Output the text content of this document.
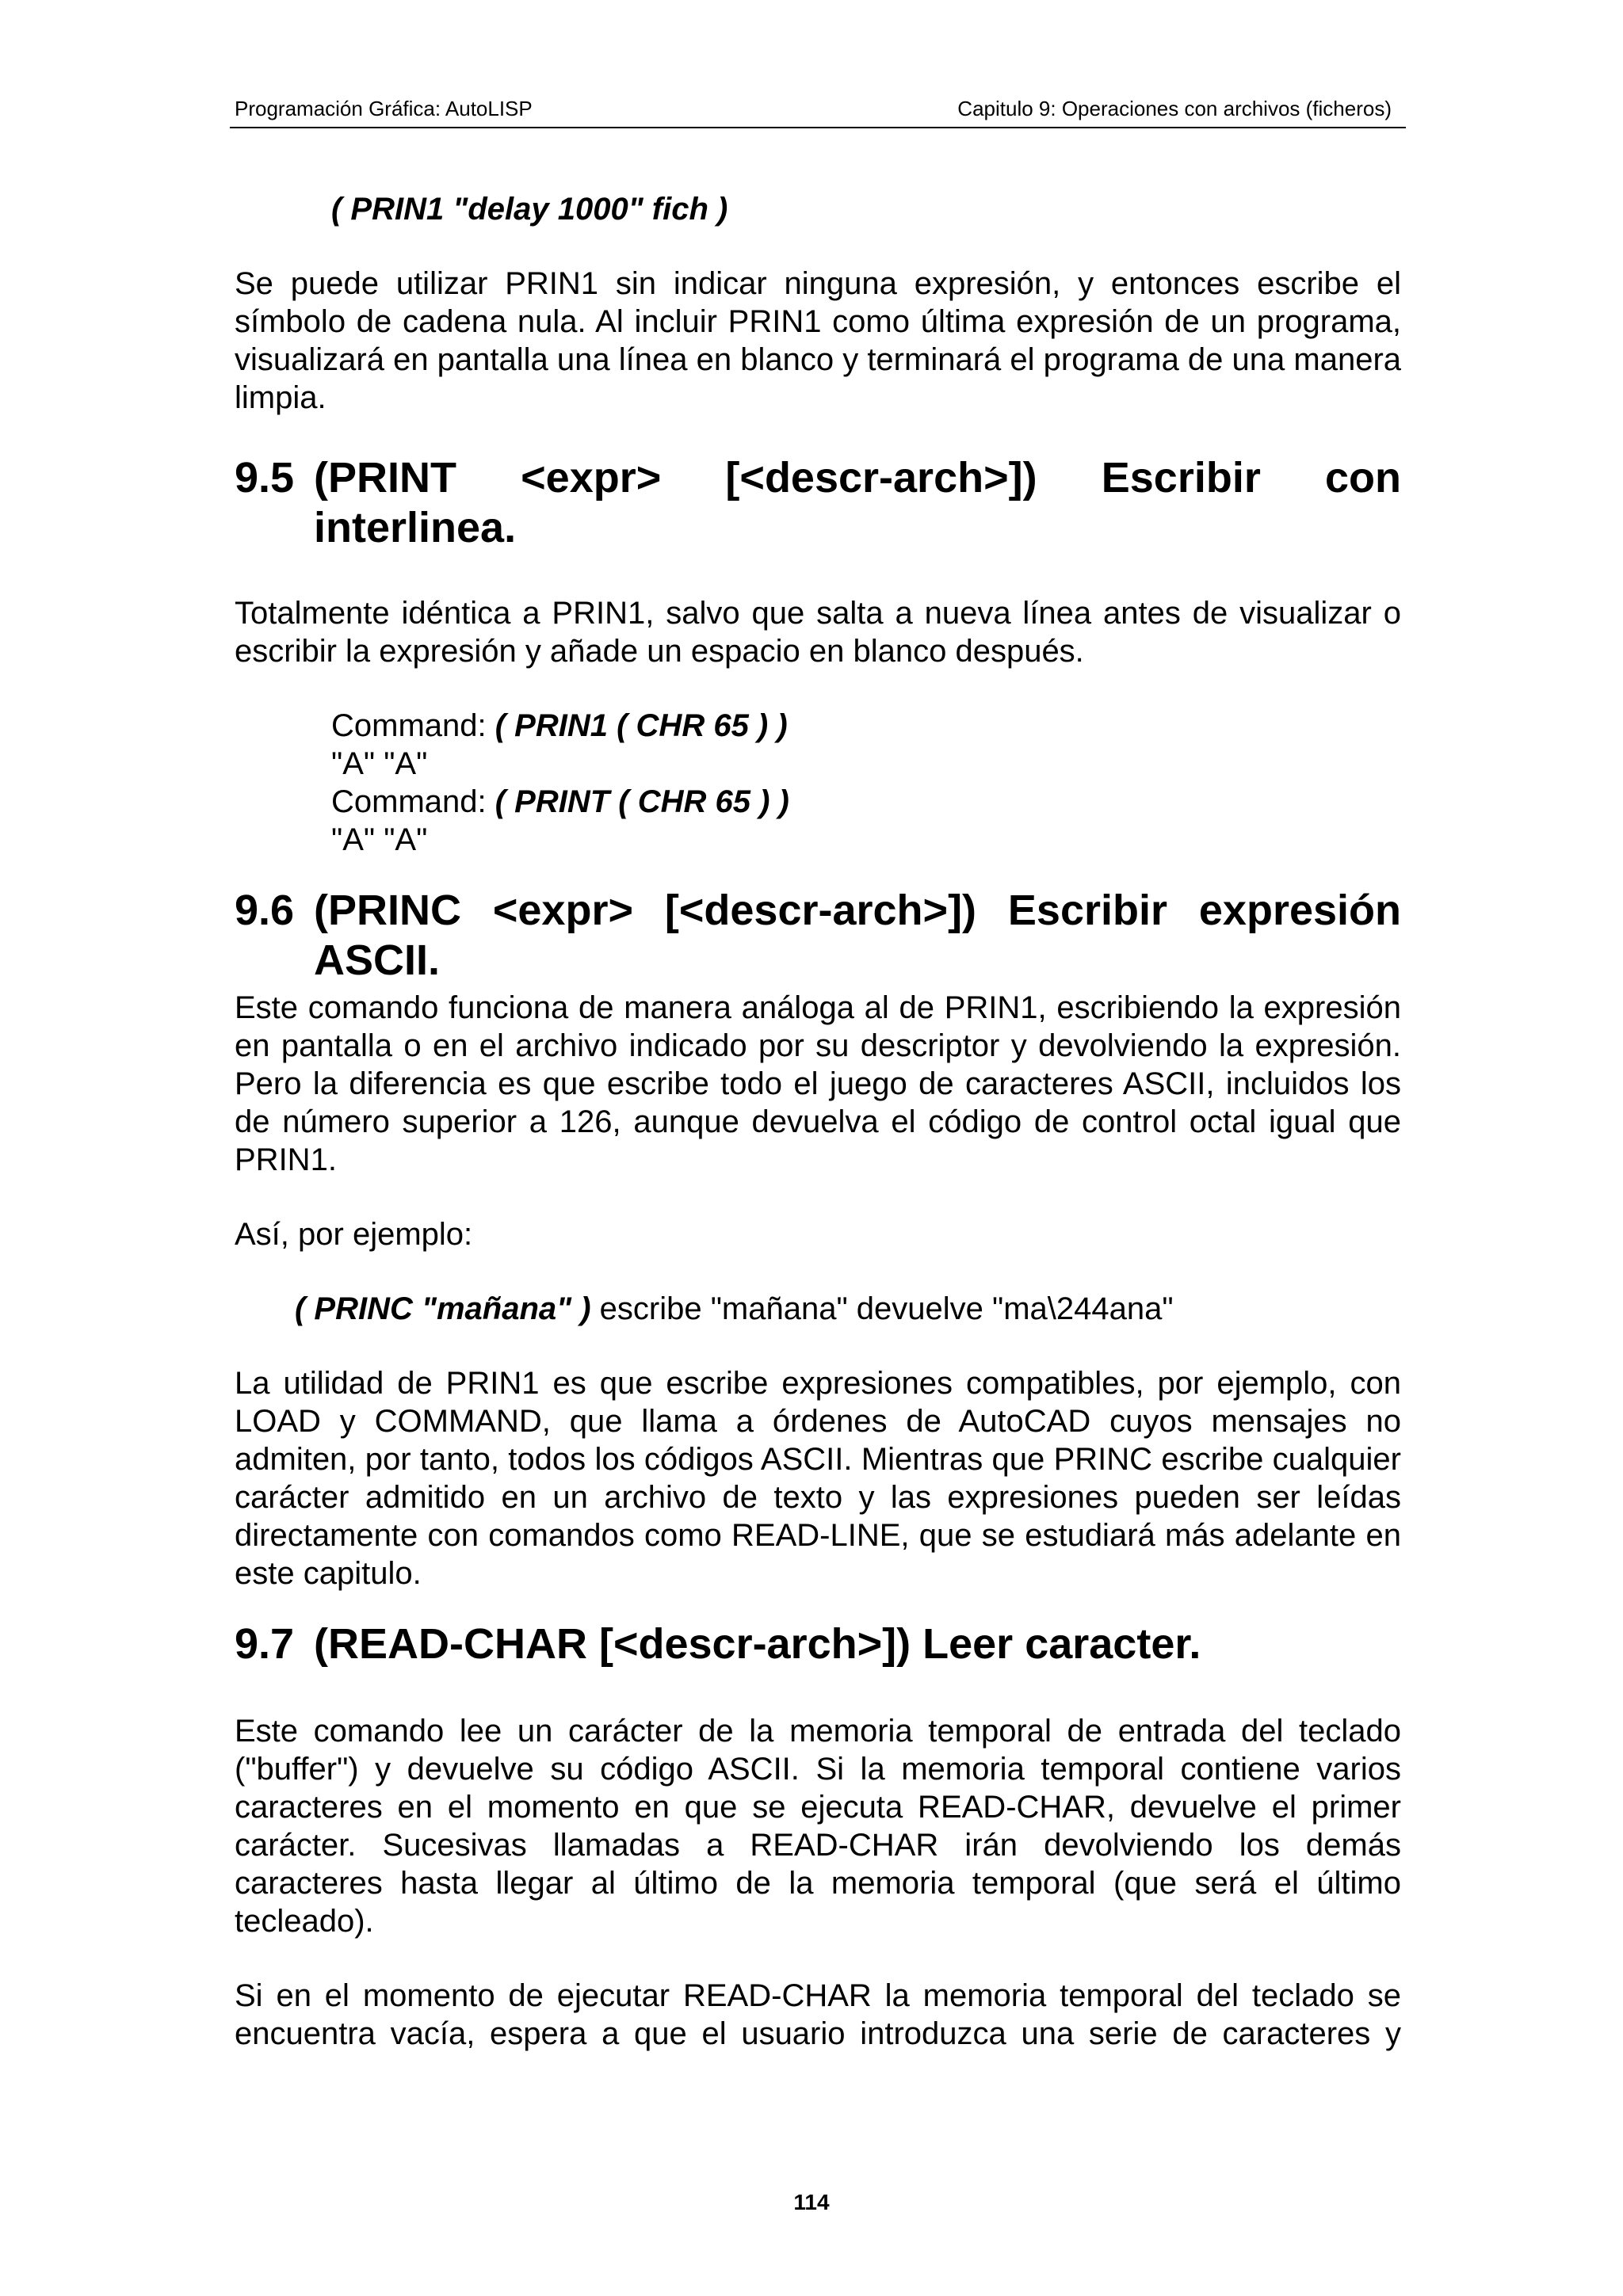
Programación Gráfica: AutoLISP	Capitulo 9: Operaciones con archivos (ficheros)

( PRIN1 "delay 1000" fich )

Se puede utilizar PRIN1 sin indicar ninguna expresión, y entonces escribe el símbolo de cadena nula. Al incluir PRIN1 como última expresión de un programa, visualizará en pantalla una línea en blanco y terminará el programa de una manera limpia.

9.5 (PRINT <expr> [<descr-arch>]) Escribir con
interlinea.

Totalmente idéntica a PRIN1, salvo que salta a nueva línea antes de visualizar o escribir la expresión y añade un espacio en blanco después.

Command: ( PRIN1 ( CHR 65 ) )
"A" "A"
Command: ( PRINT ( CHR 65 ) )
"A" "A"
9.6 (PRINC <expr> [<descr-arch>]) Escribir expresión
ASCII.

Este comando funciona de manera análoga al de PRIN1, escribiendo la expresión en pantalla o en el archivo indicado por su descriptor y devolviendo la expresión. Pero la diferencia es que escribe todo el juego de caracteres ASCII, incluidos los de número superior a 126, aunque devuelva el código de control octal igual que PRIN1.

Así, por ejemplo:

( PRINC "mañana" ) escribe "mañana" devuelve "ma\244ana"

La utilidad de PRIN1 es que escribe expresiones compatibles, por ejemplo, con LOAD y COMMAND, que llama a órdenes de AutoCAD cuyos mensajes no admiten, por tanto, todos los códigos ASCII. Mientras que PRINC escribe cualquier carácter admitido en un archivo de texto y las expresiones pueden ser leídas directamente con comandos como READ-LINE, que se estudiará más adelante en este capitulo.

9.7 (READ-CHAR [<descr-arch>]) Leer caracter.

Este comando lee un carácter de la memoria temporal de entrada del teclado ("buffer") y devuelve su código ASCII. Si la memoria temporal contiene varios caracteres en el momento en que se ejecuta READ-CHAR, devuelve el primer carácter. Sucesivas llamadas a READ-CHAR irán devolviendo los demás caracteres hasta llegar al último de la memoria temporal (que será el último tecleado).

Si en el momento de ejecutar READ-CHAR la memoria temporal del teclado se encuentra vacía, espera a que el usuario introduzca una serie de caracteres y

114
